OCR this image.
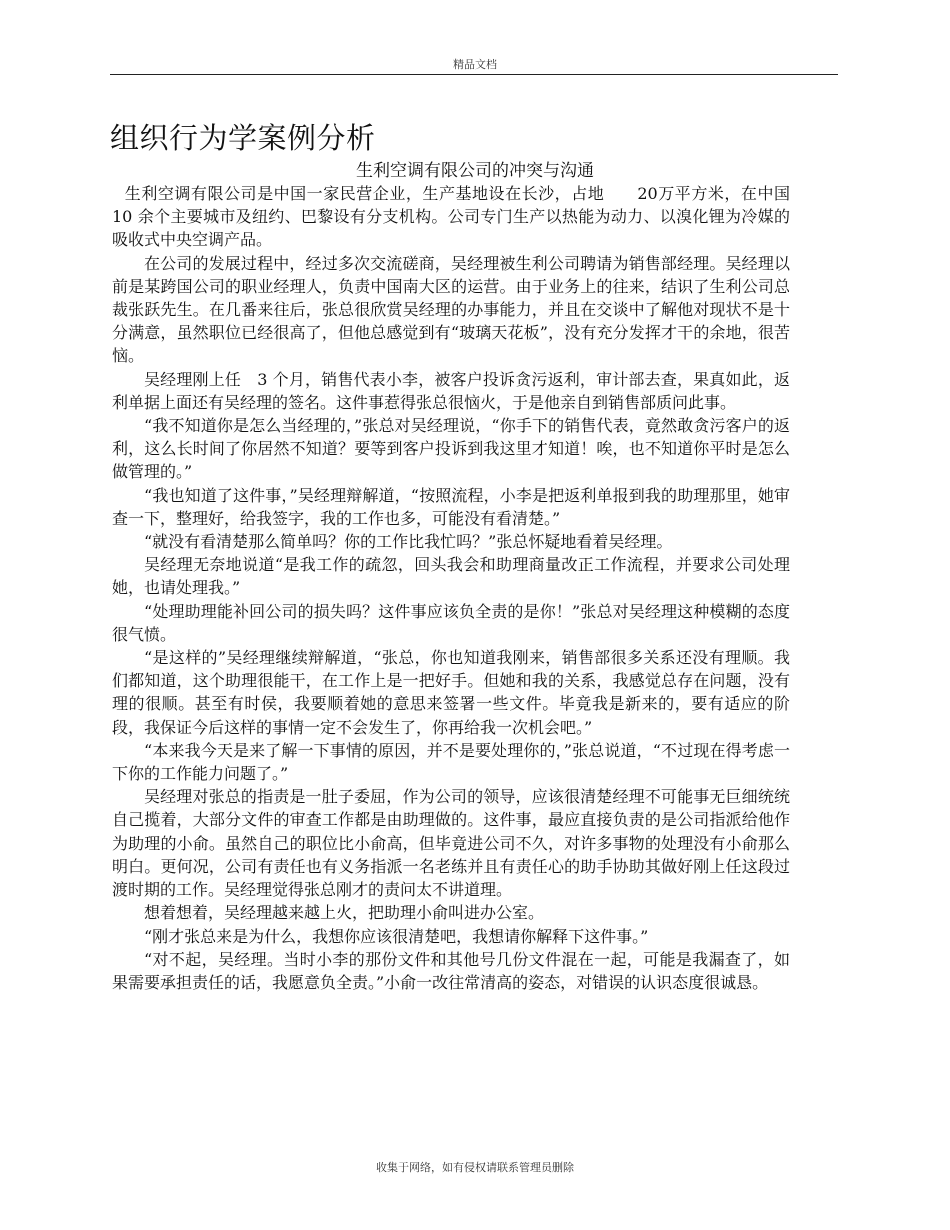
精品文档
组织行为学案例分析
生利空调有限公司的冲突与沟通

生利空调有限公司是中国一家民营企业，生产基地设在长沙，占地　　20万平方米，在中国 10 余个主要城市及纽约、巴黎设有分支机构。公司专门生产以热能为动力、以溴化锂为冷媒的吸收式中央空调产品。

在公司的发展过程中，经过多次交流磋商，吴经理被生利公司聘请为销售部经理。吴经理以前是某跨国公司的职业经理人，负责中国南大区的运营。由于业务上的往来，结识了生利公司总裁张跃先生。在几番来往后，张总很欣赏吴经理的办事能力，并且在交谈中了解他对现状不是十分满意，虽然职位已经很高了，但他总感觉到有“玻璃天花板”，没有充分发挥才干的余地，很苦恼。

吴经理刚上任　3 个月，销售代表小李，被客户投诉贪污返利，审计部去查，果真如此，返利单据上面还有吴经理的签名。这件事惹得张总很恼火，于是他亲自到销售部质问此事。

“我不知道你是怎么当经理的，”张总对吴经理说，“你手下的销售代表，竟然敢贪污客户的返利，这么长时间了你居然不知道？要等到客户投诉到我这里才知道！唉，也不知道你平时是怎么做管理的。”

“我也知道了这件事，”吴经理辩解道，“按照流程，小李是把返利单报到我的助理那里，她审查一下，整理好，给我签字，我的工作也多，可能没有看清楚。”

“就没有看清楚那么简单吗？你的工作比我忙吗？”张总怀疑地看着吴经理。

吴经理无奈地说道“是我工作的疏忽，回头我会和助理商量改正工作流程，并要求公司处理她，也请处理我。”

“处理助理能补回公司的损失吗？这件事应该负全责的是你！”张总对吴经理这种模糊的态度很气愤。

“是这样的”吴经理继续辩解道，“张总，你也知道我刚来，销售部很多关系还没有理顺。我们都知道，这个助理很能干，在工作上是一把好手。但她和我的关系，我感觉总存在问题，没有理的很顺。甚至有时侯，我要顺着她的意思来签署一些文件。毕竟我是新来的，要有适应的阶段，我保证今后这样的事情一定不会发生了，你再给我一次机会吧。”

“本来我今天是来了解一下事情的原因，并不是要处理你的，”张总说道，“不过现在得考虑一下你的工作能力问题了。”

吴经理对张总的指责是一肚子委屈，作为公司的领导，应该很清楚经理不可能事无巨细统统自己揽着，大部分文件的审查工作都是由助理做的。这件事，最应直接负责的是公司指派给他作为助理的小俞。虽然自己的职位比小俞高，但毕竟进公司不久，对许多事物的处理没有小俞那么明白。更何况，公司有责任也有义务指派一名老练并且有责任心的助手协助其做好刚上任这段过渡时期的工作。吴经理觉得张总刚才的责问太不讲道理。

想着想着，吴经理越来越上火，把助理小俞叫进办公室。

“刚才张总来是为什么，我想你应该很清楚吧，我想请你解释下这件事。”

“对不起，吴经理。当时小李的那份文件和其他号几份文件混在一起，可能是我漏查了，如果需要承担责任的话，我愿意负全责。”小俞一改往常清高的姿态，对错误的认识态度很诚恳。

收集于网络，如有侵权请联系管理员删除
